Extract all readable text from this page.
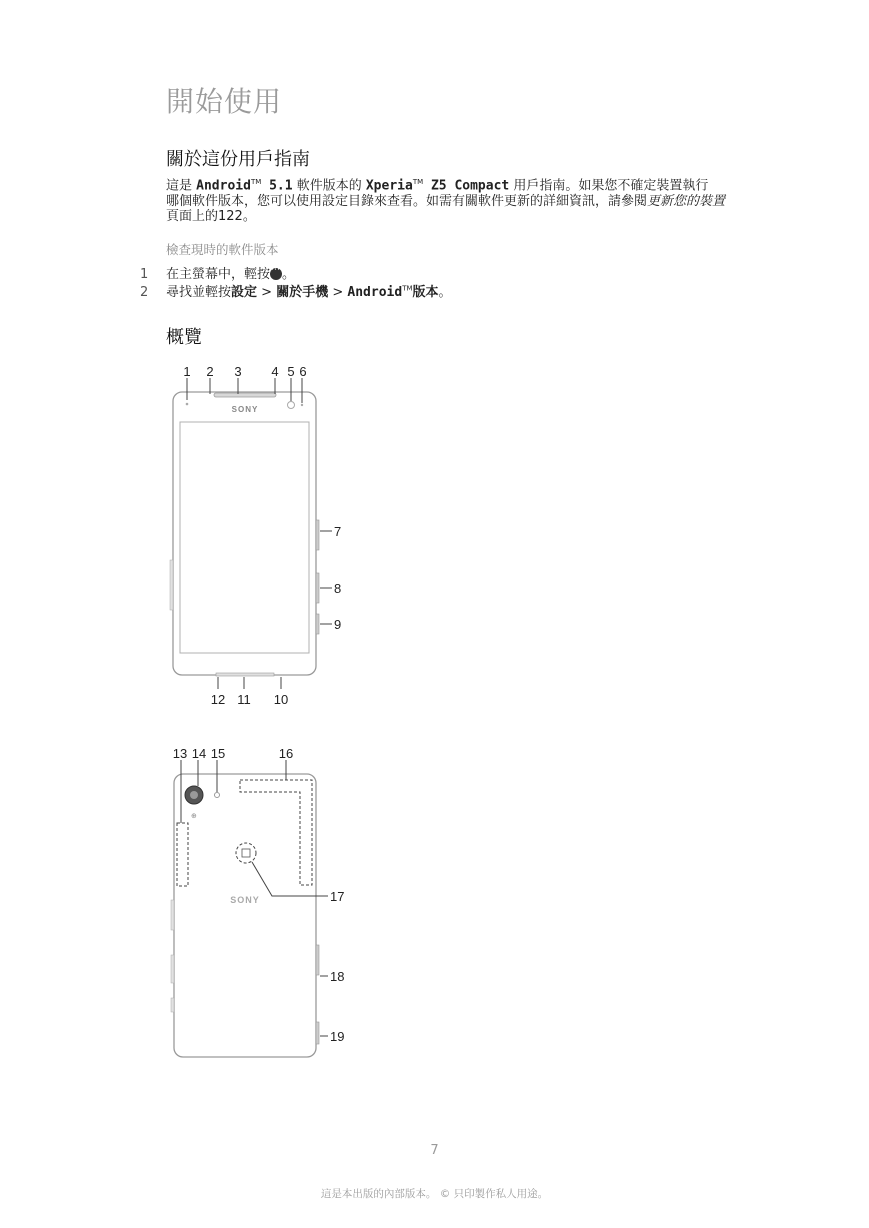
開始使用
關於這份用戶指南
這是 Android™ 5.1 軟件版本的 Xperia™ Z5 Compact 用戶指南。如果您不確定裝置執行
哪個軟件版本，您可以使用設定目錄來查看。如需有關軟件更新的詳細資訊，請參閱更新您的裝置頁面上的122。
檢查現時的軟件版本
1 在主螢幕中，輕按⋯ 。
2 尋找並輕按設定 > 關於手機 > Android™版本。
概覽
SONY
1 2 3 4 5 6
7
8
9
10
11
12
⊕
SONY
13 14 15	16
17
18
19
7
這是本出版的內部版本。 © 只印製作私人用途。
